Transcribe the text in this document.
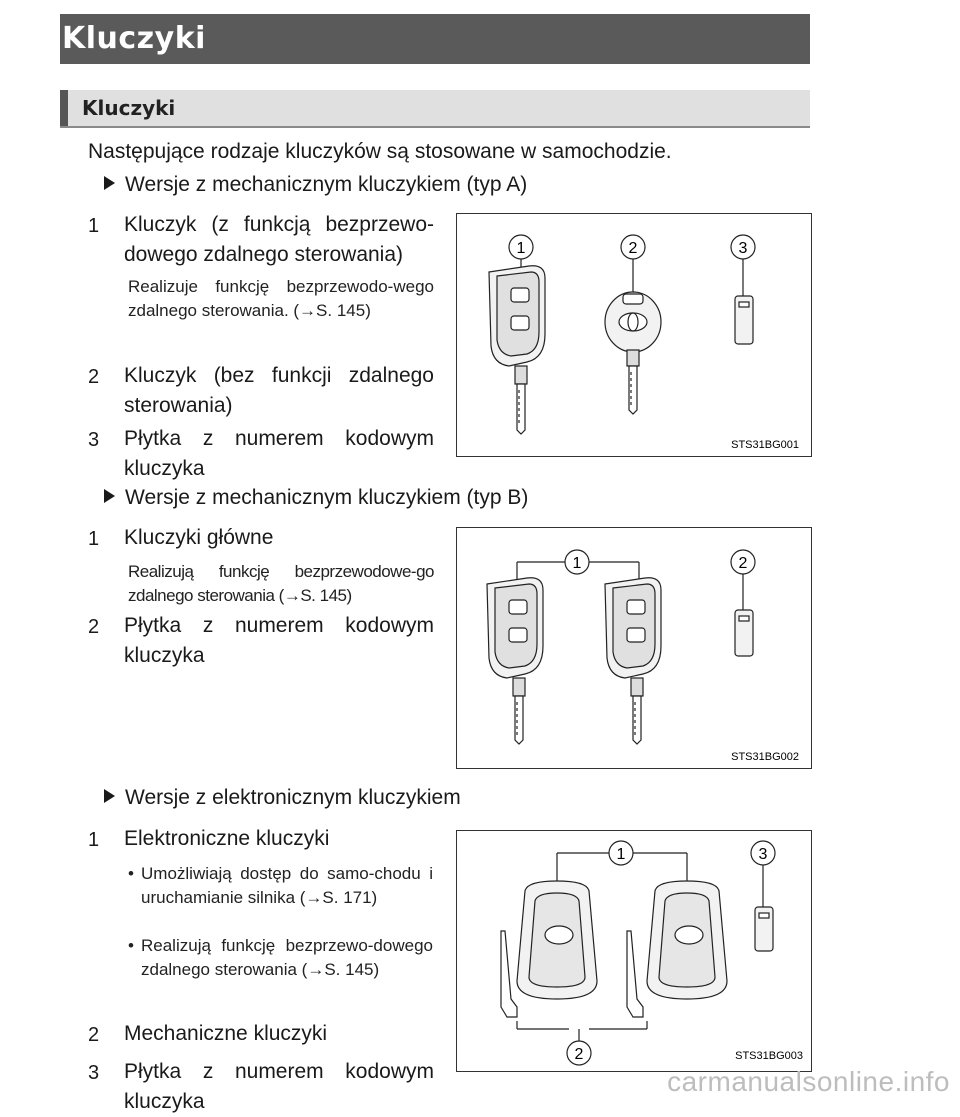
Kluczyki
Kluczyki
Następujące rodzaje kluczyków są stosowane w samochodzie.
Wersje z mechanicznym kluczykiem (typ A)
1	Kluczyk (z funkcją bezprzewo-dowego zdalnego sterowania)
Realizuje funkcję bezprzewodo-wego zdalnego sterowania. (→S. 145)
2	Kluczyk (bez funkcji zdalnego sterowania)
3	Płytka z numerem kodowym kluczyka
1	2	3
STS31BG001
Wersje z mechanicznym kluczykiem (typ B)
1	Kluczyki główne
Realizują funkcję bezprzewodowe-go zdalnego sterowania (→S. 145)
2	Płytka z numerem kodowym kluczyka
1	2
STS31BG002
Wersje z elektronicznym kluczykiem
1	Elektroniczne kluczyki
• Umożliwiają dostęp do samo-chodu i uruchamianie silnika (→S. 171)
• Realizują funkcję bezprzewo-dowego zdalnego sterowania (→S. 145)
2	Mechaniczne kluczyki
3	Płytka z numerem kodowym kluczyka
1
2
3
STS31BG003
carmanualsonline.info
